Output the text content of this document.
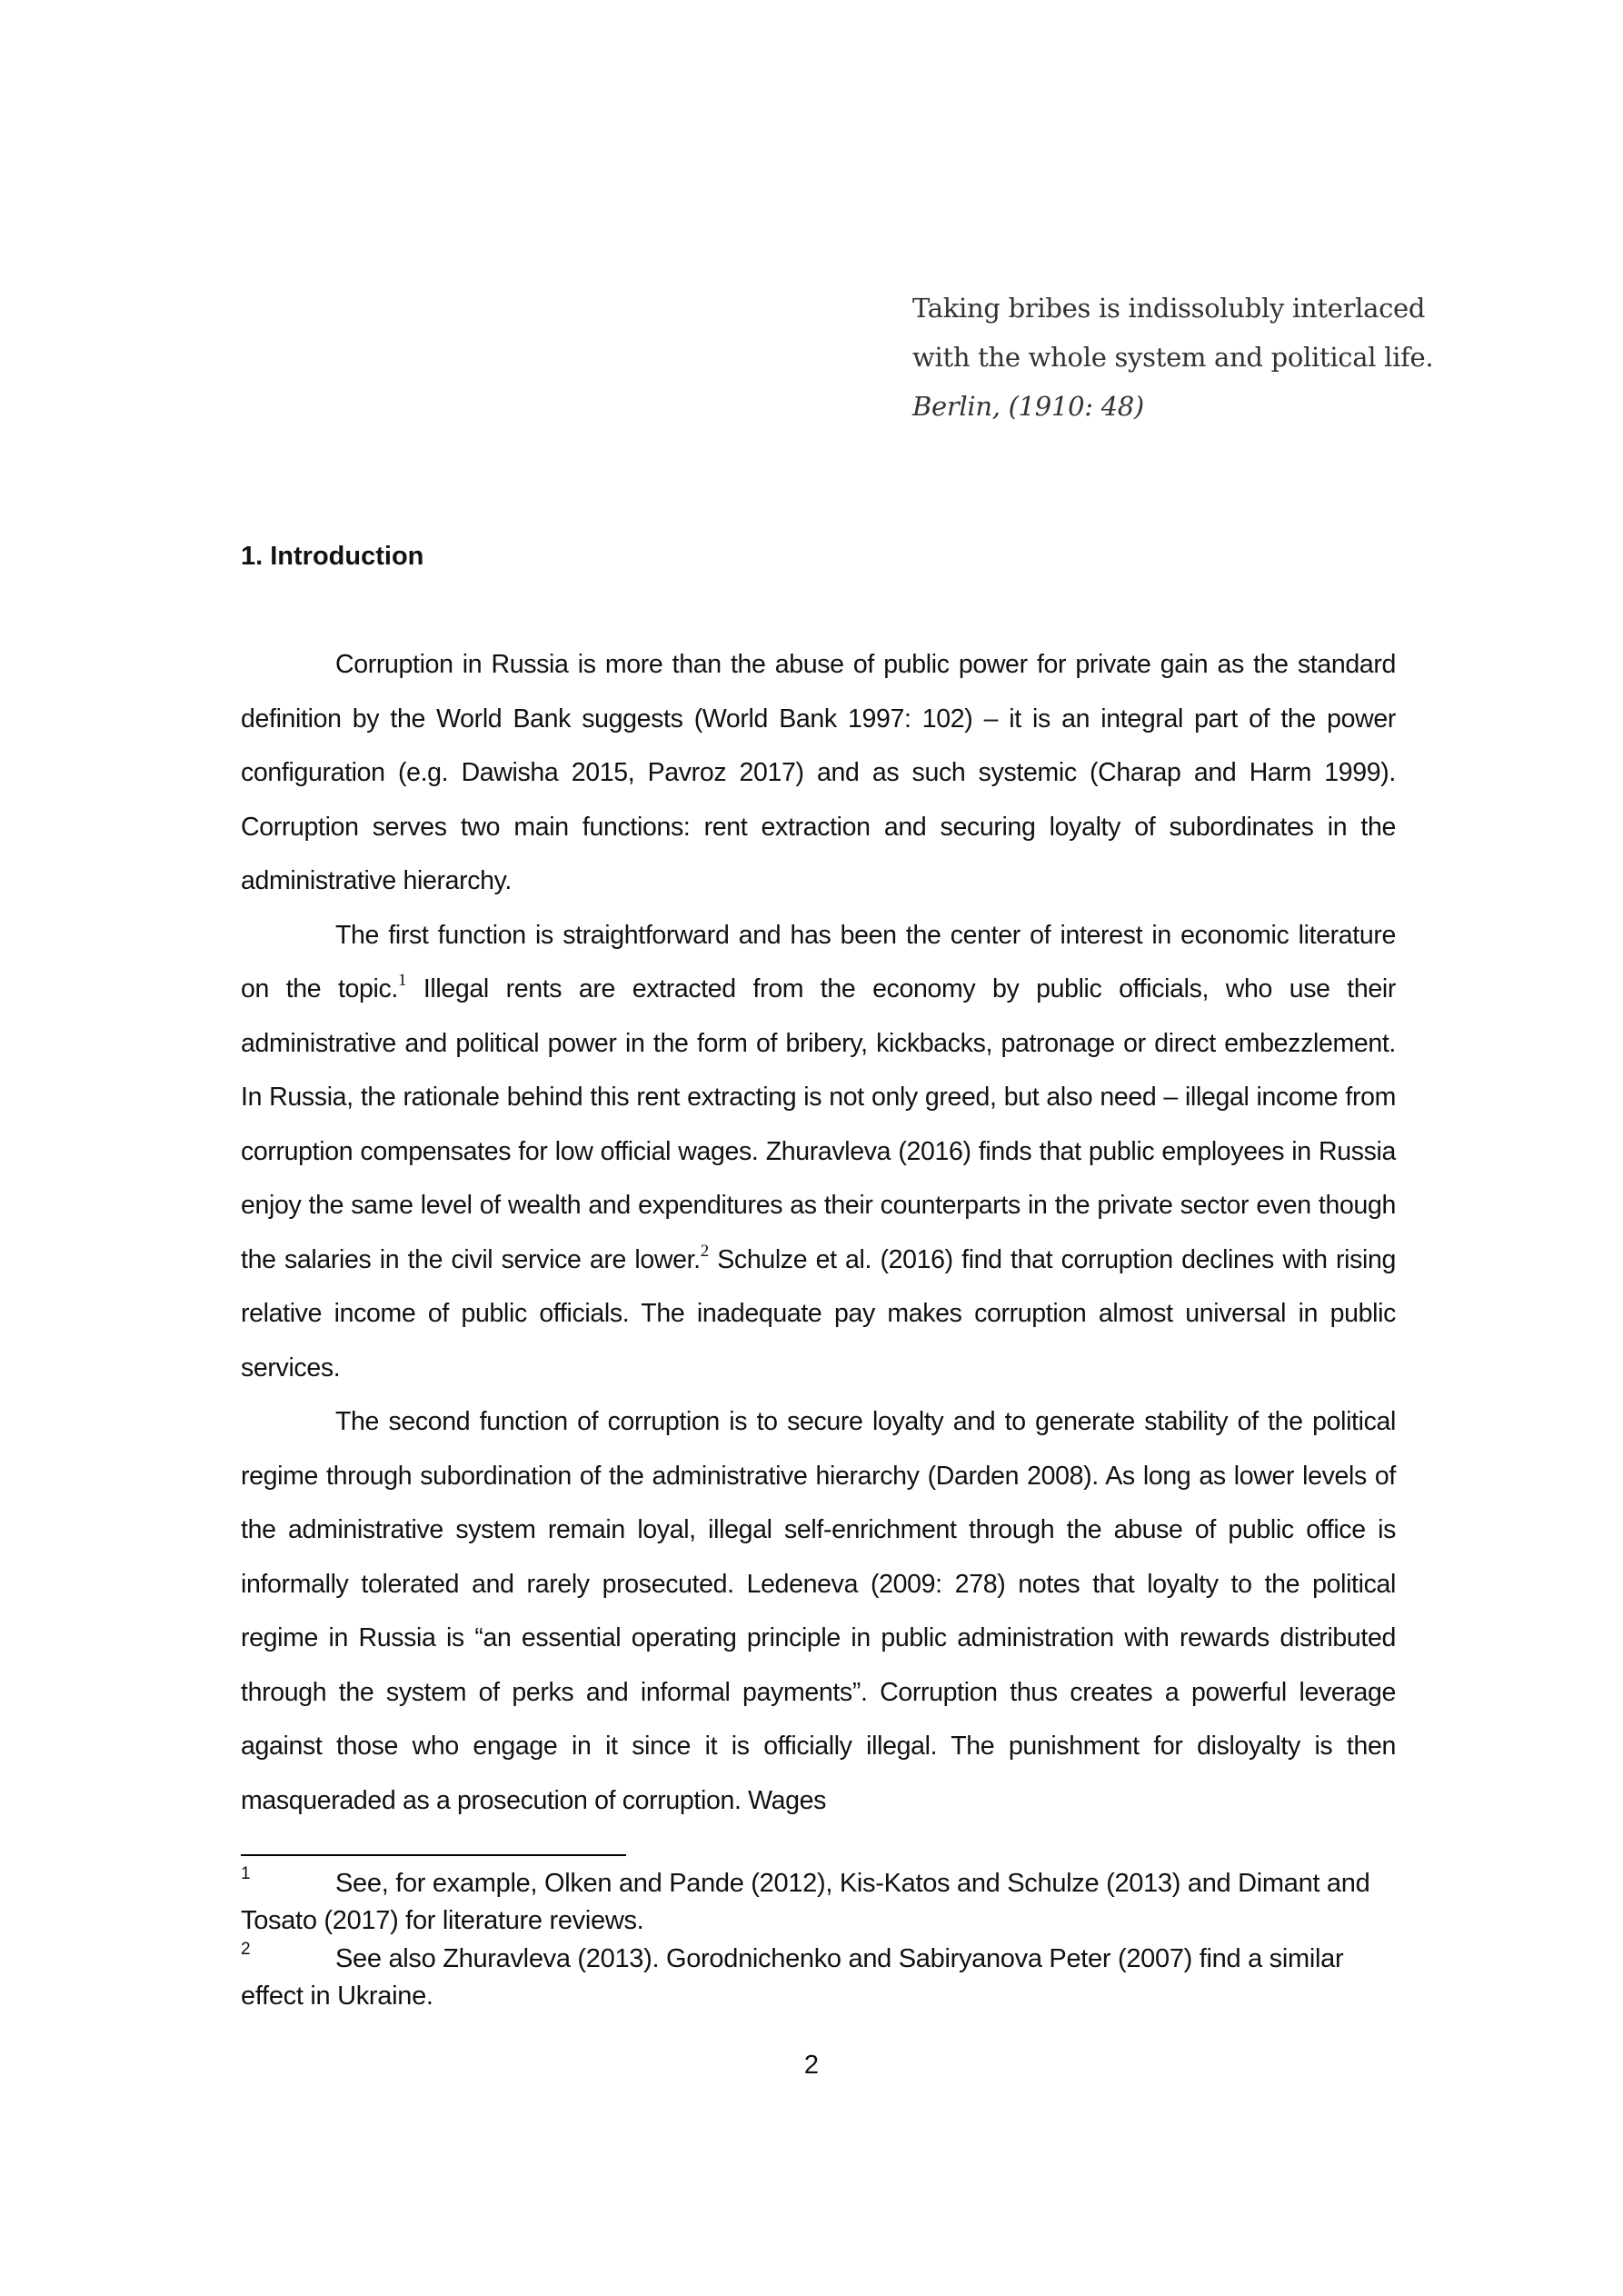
Taking bribes is indissolubly interlaced
with the whole system and political life.
Berlin, (1910: 48)
1. Introduction

Corruption in Russia is more than the abuse of public power for private gain as the standard definition by the World Bank suggests (World Bank 1997: 102) – it is an integral part of the power configuration (e.g. Dawisha 2015, Pavroz 2017) and as such systemic (Charap and Harm 1999). Corruption serves two main functions: rent extraction and securing loyalty of subordinates in the administrative hierarchy.

The first function is straightforward and has been the center of interest in economic literature on the topic.$^1$ Illegal rents are extracted from the economy by public officials, who use their administrative and political power in the form of bribery, kickbacks, patronage or direct embezzlement. In Russia, the rationale behind this rent extracting is not only greed, but also need – illegal income from corruption compensates for low official wages. Zhuravleva (2016) finds that public employees in Russia enjoy the same level of wealth and expenditures as their counterparts in the private sector even though the salaries in the civil service are lower.$^2$ Schulze et al. (2016) find that corruption declines with rising relative income of public officials. The inadequate pay makes corruption almost universal in public services.

The second function of corruption is to secure loyalty and to generate stability of the political regime through subordination of the administrative hierarchy (Darden 2008). As long as lower levels of the administrative system remain loyal, illegal self-enrichment through the abuse of public office is informally tolerated and rarely prosecuted. Ledeneva (2009: 278) notes that loyalty to the political regime in Russia is “an essential operating principle in public administration with rewards distributed through the system of perks and informal payments”. Corruption thus creates a powerful leverage against those who engage in it since it is officially illegal. The punishment for disloyalty is then masqueraded as a prosecution of corruption. Wages

1	See, for example, Olken and Pande (2012), Kis-Katos and Schulze (2013) and Dimant and Tosato (2017) for literature reviews.
2	See also Zhuravleva (2013). Gorodnichenko and Sabiryanova Peter (2007) find a similar effect in Ukraine.
2
